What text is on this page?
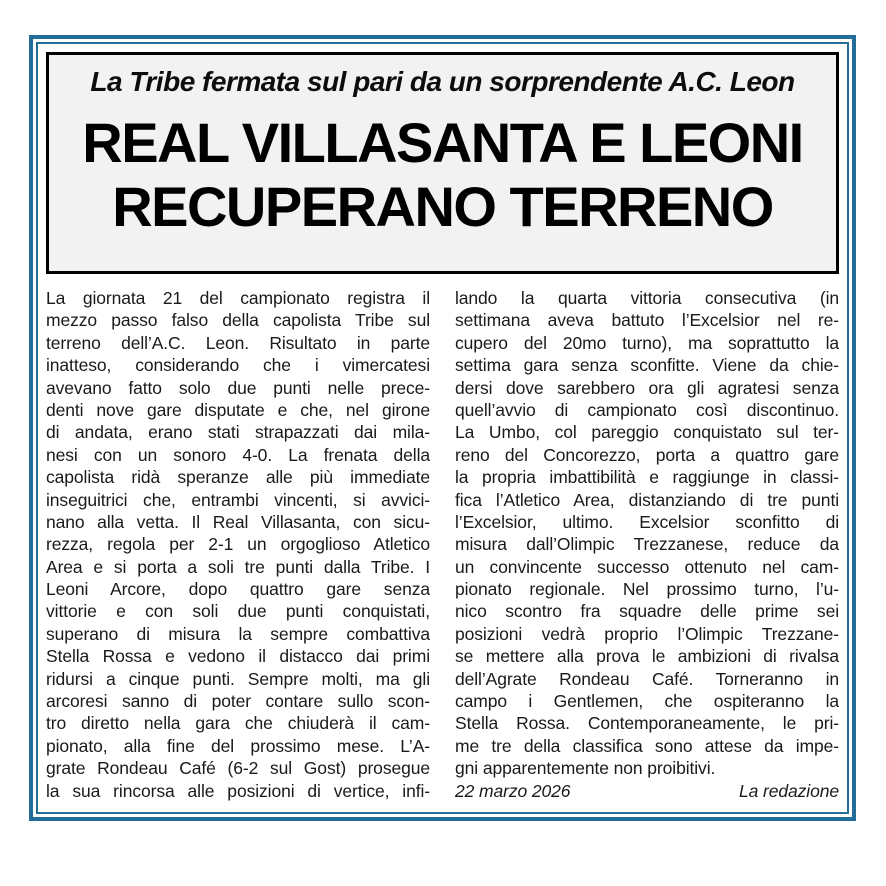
La Tribe fermata sul pari da un sorprendente A.C. Leon
REAL VILLASANTA E LEONI
RECUPERANO TERRENO
La giornata 21 del campionato registra il
mezzo passo falso della capolista Tribe sul
terreno dell’A.C. Leon. Risultato in parte
inatteso, considerando che i vimercatesi
avevano fatto solo due punti nelle prece-
denti nove gare disputate e che, nel girone
di andata, erano stati strapazzati dai mila-
nesi con un sonoro 4-0. La frenata della
capolista ridà speranze alle più immediate
inseguitrici che, entrambi vincenti, si avvici-
nano alla vetta. Il Real Villasanta, con sicu-
rezza, regola per 2-1 un orgoglioso Atletico
Area e si porta a soli tre punti dalla Tribe. I
Leoni Arcore, dopo quattro gare senza
vittorie e con soli due punti conquistati,
superano di misura la sempre combattiva
Stella Rossa e vedono il distacco dai primi
ridursi a cinque punti. Sempre molti, ma gli
arcoresi sanno di poter contare sullo scon-
tro diretto nella gara che chiuderà il cam-
pionato, alla fine del prossimo mese. L’A-
grate Rondeau Café (6-2 sul Gost) prosegue
la sua rincorsa alle posizioni di vertice, infi-
lando la quarta vittoria consecutiva (in
settimana aveva battuto l’Excelsior nel re-
cupero del 20mo turno), ma soprattutto la
settima gara senza sconfitte. Viene da chie-
dersi dove sarebbero ora gli agratesi senza
quell’avvio di campionato così discontinuo.
La Umbo, col pareggio conquistato sul ter-
reno del Concorezzo, porta a quattro gare
la propria imbattibilità e raggiunge in classi-
fica l’Atletico Area, distanziando di tre punti
l’Excelsior, ultimo. Excelsior sconfitto di
misura dall’Olimpic Trezzanese, reduce da
un convincente successo ottenuto nel cam-
pionato regionale. Nel prossimo turno, l’u-
nico scontro fra squadre delle prime sei
posizioni vedrà proprio l’Olimpic Trezzane-
se mettere alla prova le ambizioni di rivalsa
dell’Agrate Rondeau Café. Torneranno in
campo i Gentlemen, che ospiteranno la
Stella Rossa. Contemporaneamente, le pri-
me tre della classifica sono attese da impe-
gni apparentemente non proibitivi.
22 marzo 2026	La redazione
